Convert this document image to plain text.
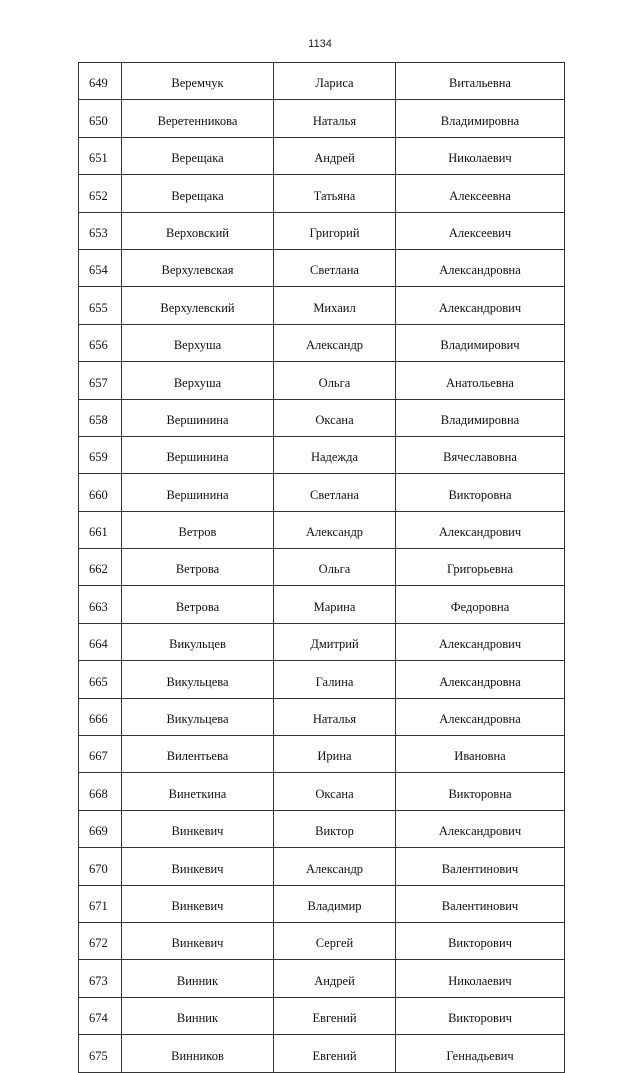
1134
649	Веремчук	Лариса	Витальевна
650	Веретенникова	Наталья	Владимировна
651	Верещака	Андрей	Николаевич
652	Верещака	Татьяна	Алексеевна
653	Верховский	Григорий	Алексеевич
654	Верхулевская	Светлана	Александровна
655	Верхулевский	Михаил	Александрович
656	Верхуша	Александр	Владимирович
657	Верхуша	Ольга	Анатольевна
658	Вершинина	Оксана	Владимировна
659	Вершинина	Надежда	Вячеславовна
660	Вершинина	Светлана	Викторовна
661	Ветров	Александр	Александрович
662	Ветрова	Ольга	Григорьевна
663	Ветрова	Марина	Федоровна
664	Викульцев	Дмитрий	Александрович
665	Викульцева	Галина	Александровна
666	Викульцева	Наталья	Александровна
667	Вилентьева	Ирина	Ивановна
668	Винеткина	Оксана	Викторовна
669	Винкевич	Виктор	Александрович
670	Винкевич	Александр	Валентинович
671	Винкевич	Владимир	Валентинович
672	Винкевич	Сергей	Викторович
673	Винник	Андрей	Николаевич
674	Винник	Евгений	Викторович
675	Винников	Евгений	Геннадьевич
